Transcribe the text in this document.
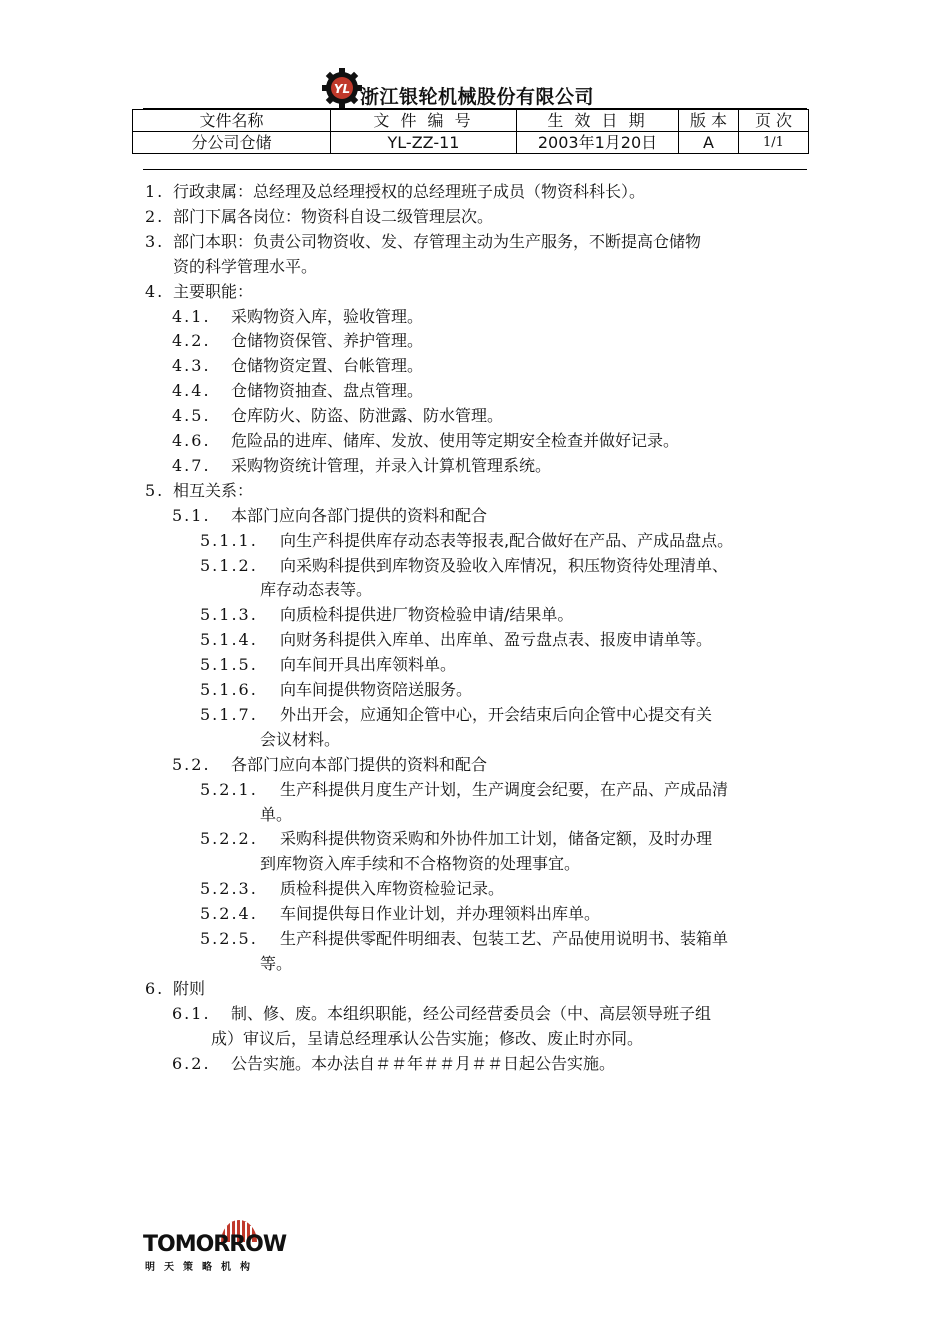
YL 浙江银轮机械股份有限公司
文件名称	文 件 编 号	生 效 日 期	版 本	页 次
分公司仓储	YL-ZZ-11	2003年1月20日	A	1/1
1. 行政隶属：总经理及总经理授权的总经理班子成员（物资科科长）。
2. 部门下属各岗位：物资科自设二级管理层次。
3. 部门本职：负责公司物资收、发、存管理主动为生产服务，不断提高仓储物
资的科学管理水平。
4. 主要职能：
4.1. 采购物资入库，验收管理。
4.2. 仓储物资保管、养护管理。
4.3. 仓储物资定置、台帐管理。
4.4. 仓储物资抽查、盘点管理。
4.5. 仓库防火、防盗、防泄露、防水管理。
4.6. 危险品的进库、储库、发放、使用等定期安全检查并做好记录。
4.7. 采购物资统计管理，并录入计算机管理系统。
5. 相互关系：
5.1. 本部门应向各部门提供的资料和配合
5.1.1. 向生产科提供库存动态表等报表,配合做好在产品、产成品盘点。
5.1.2. 向采购科提供到库物资及验收入库情况，积压物资待处理清单、
库存动态表等。
5.1.3. 向质检科提供进厂物资检验申请/结果单。
5.1.4. 向财务科提供入库单、出库单、盈亏盘点表、报废申请单等。
5.1.5. 向车间开具出库领料单。
5.1.6. 向车间提供物资陪送服务。
5.1.7. 外出开会，应通知企管中心，开会结束后向企管中心提交有关
会议材料。
5.2. 各部门应向本部门提供的资料和配合
5.2.1. 生产科提供月度生产计划，生产调度会纪要，在产品、产成品清
单。
5.2.2. 采购科提供物资采购和外协件加工计划，储备定额，及时办理
到库物资入库手续和不合格物资的处理事宜。
5.2.3. 质检科提供入库物资检验记录。
5.2.4. 车间提供每日作业计划，并办理领料出库单。
5.2.5. 生产科提供零配件明细表、包装工艺、产品使用说明书、装箱单
等。
6. 附则
6.1. 制、修、废。本组织职能，经公司经营委员会（中、高层领导班子组
成）审议后，呈请总经理承认公告实施；修改、废止时亦同。
6.2. 公告实施。本办法自＃＃年＃＃月＃＃日起公告实施。
TOMORROW
明天策略机构
